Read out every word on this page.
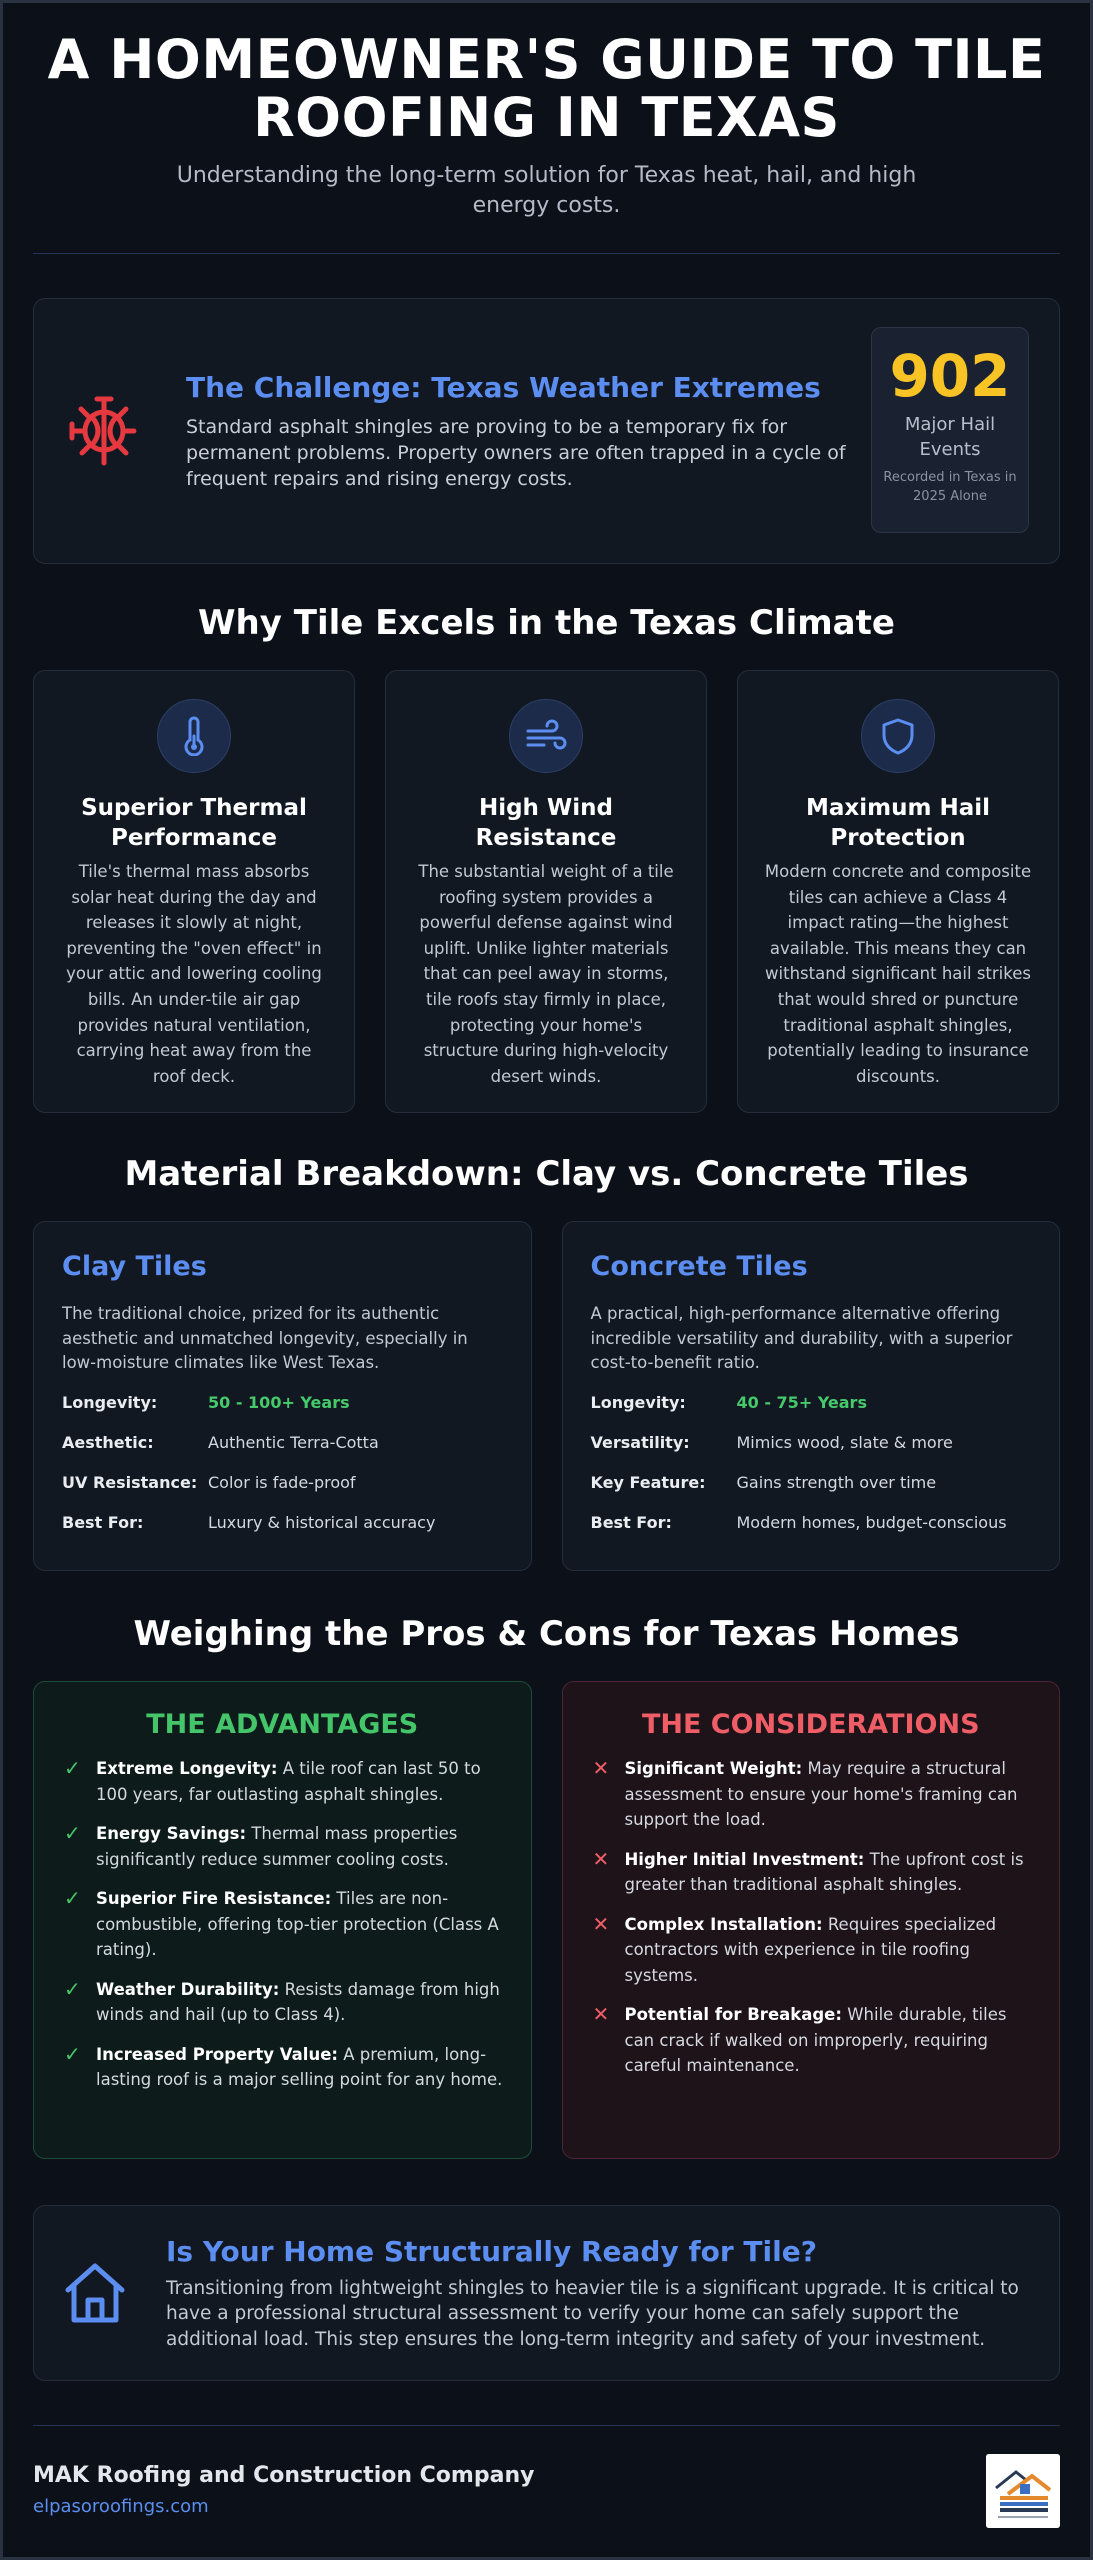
A HOMEOWNER'S GUIDE TO TILE ROOFING IN TEXAS

Understanding the long-term solution for Texas heat, hail, and high energy costs.

The Challenge: Texas Weather Extremes

Standard asphalt shingles are proving to be a temporary fix for permanent problems. Property owners are often trapped in a cycle of frequent repairs and rising energy costs.

902
Major Hail Events
Recorded in Texas in 2025 Alone
Why Tile Excels in the Texas Climate
Superior Thermal Performance

Tile's thermal mass absorbs solar heat during the day and releases it slowly at night, preventing the "oven effect" in your attic and lowering cooling bills. An under-tile air gap provides natural ventilation, carrying heat away from the roof deck.

High Wind Resistance

The substantial weight of a tile roofing system provides a powerful defense against wind uplift. Unlike lighter materials that can peel away in storms, tile roofs stay firmly in place, protecting your home's structure during high-velocity desert winds.

Maximum Hail Protection

Modern concrete and composite tiles can achieve a Class 4 impact rating—the highest available. This means they can withstand significant hail strikes that would shred or puncture traditional asphalt shingles, potentially leading to insurance discounts.

Material Breakdown: Clay vs. Concrete Tiles
Clay Tiles

The traditional choice, prized for its authentic aesthetic and unmatched longevity, especially in low-moisture climates like West Texas.

Longevity:	50 - 100+ Years
Aesthetic:	Authentic Terra-Cotta
UV Resistance: Color is fade-proof
Best For:	Luxury & historical accuracy
Concrete Tiles

A practical, high-performance alternative offering incredible versatility and durability, with a superior cost-to-benefit ratio.

Longevity:	40 - 75+ Years
Versatility:	Mimics wood, slate & more
Key Feature:	Gains strength over time
Best For:	Modern homes, budget-conscious
Weighing the Pros & Cons for Texas Homes
THE ADVANTAGES
✓ Extreme Longevity: A tile roof can last 50 to 100 years, far outlasting asphalt shingles.
✓ Energy Savings: Thermal mass properties significantly reduce summer cooling costs.
✓ Superior Fire Resistance: Tiles are non-combustible, offering top-tier protection (Class A rating).
✓ Weather Durability: Resists damage from high winds and hail (up to Class 4).
✓ Increased Property Value: A premium, long-lasting roof is a major selling point for any home.
THE CONSIDERATIONS
✕ Significant Weight: May require a structural assessment to ensure your home's framing can support the load.
✕ Higher Initial Investment: The upfront cost is greater than traditional asphalt shingles.
✕ Complex Installation: Requires specialized contractors with experience in tile roofing systems.
✕ Potential for Breakage: While durable, tiles can crack if walked on improperly, requiring careful maintenance.
Is Your Home Structurally Ready for Tile?

Transitioning from lightweight shingles to heavier tile is a significant upgrade. It is critical to have a professional structural assessment to verify your home can safely support the additional load. This step ensures the long-term integrity and safety of your investment.

MAK Roofing and Construction Company
elpasoroofings.com
